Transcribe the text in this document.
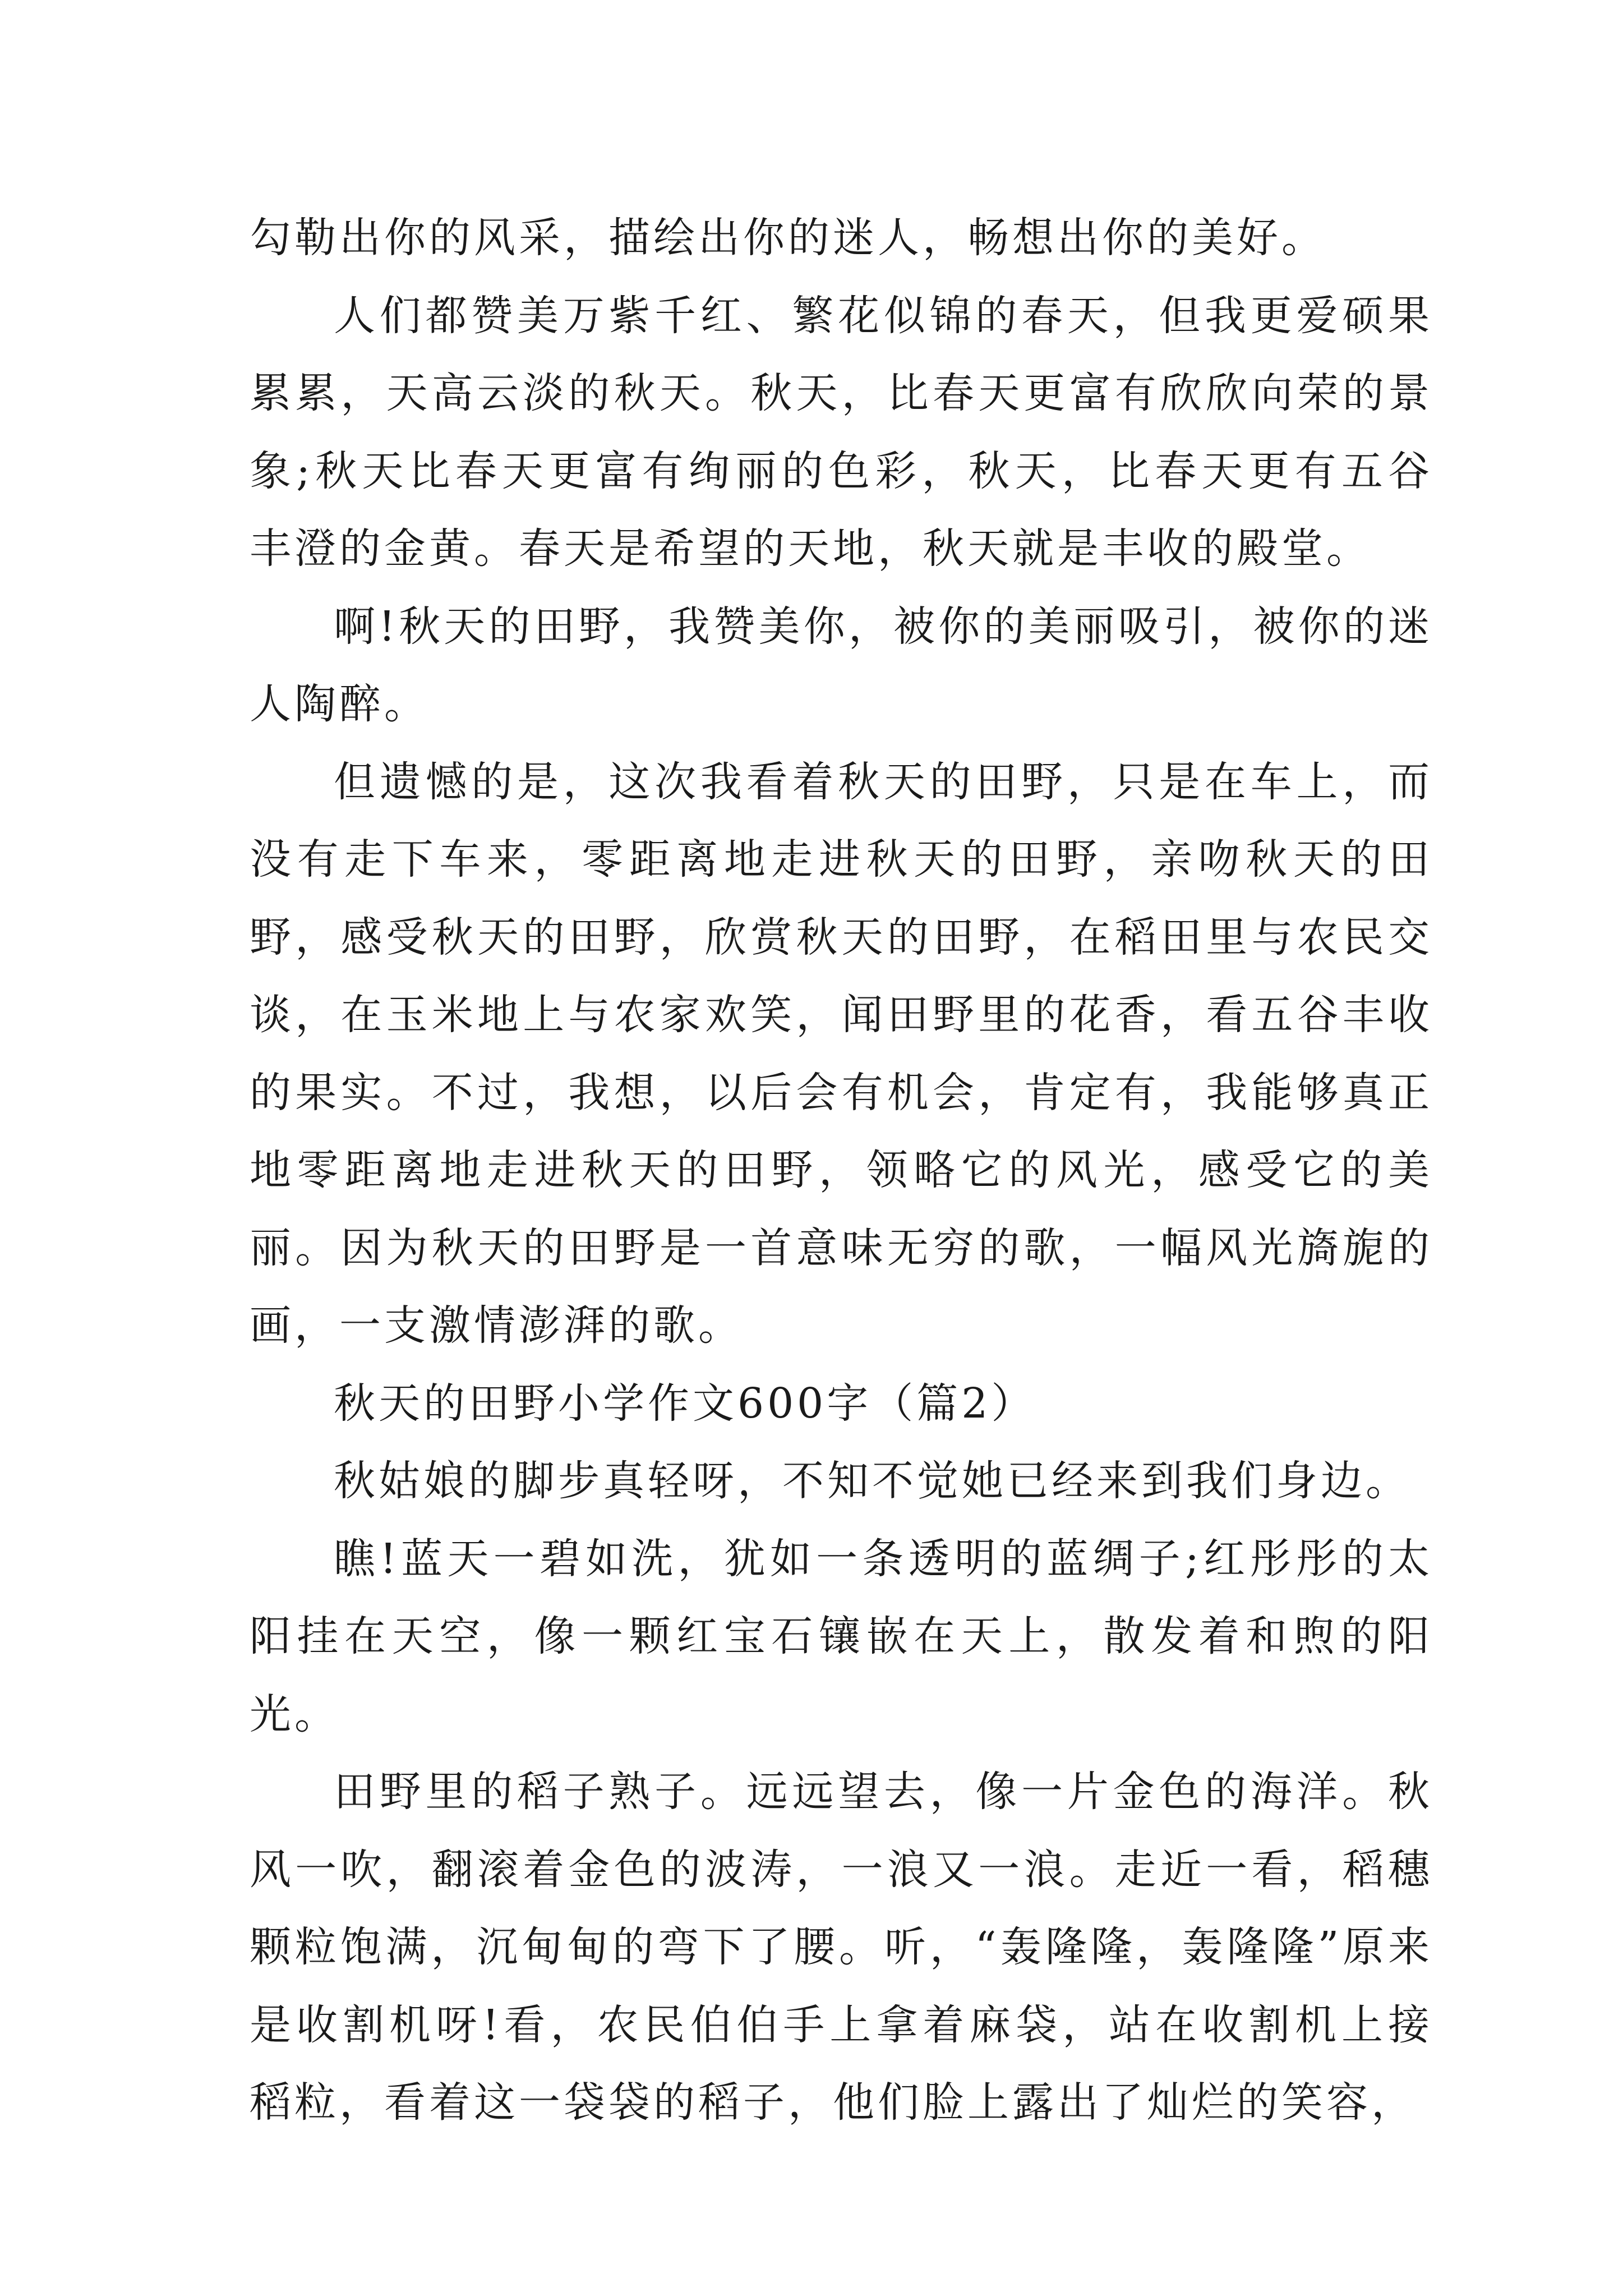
勾勒出你的风采，描绘出你的迷人，畅想出你的美好。

人们都赞美万紫千红、繁花似锦的春天，但我更爱硕果累累，天高云淡的秋天。秋天，比春天更富有欣欣向荣的景象;秋天比春天更富有绚丽的色彩，秋天，比春天更有五谷丰澄的金黄。春天是希望的天地，秋天就是丰收的殿堂。

啊!秋天的田野，我赞美你，被你的美丽吸引，被你的迷人陶醉。

但遗憾的是，这次我看着秋天的田野，只是在车上，而没有走下车来，零距离地走进秋天的田野，亲吻秋天的田野，感受秋天的田野，欣赏秋天的田野，在稻田里与农民交谈，在玉米地上与农家欢笑，闻田野里的花香，看五谷丰收的果实。不过，我想，以后会有机会，肯定有，我能够真正地零距离地走进秋天的田野，领略它的风光，感受它的美丽。因为秋天的田野是一首意味无穷的歌，一幅风光旖旎的画，一支激情澎湃的歌。

秋天的田野小学作文600字（篇2）

秋姑娘的脚步真轻呀，不知不觉她已经来到我们身边。

瞧!蓝天一碧如洗，犹如一条透明的蓝绸子;红彤彤的太阳挂在天空，像一颗红宝石镶嵌在天上，散发着和煦的阳光。

田野里的稻子熟子。远远望去，像一片金色的海洋。秋风一吹，翻滚着金色的波涛，一浪又一浪。走近一看，稻穗颗粒饱满，沉甸甸的弯下了腰。听，“轰隆隆，轰隆隆”原来是收割机呀!看，农民伯伯手上拿着麻袋，站在收割机上接稻粒，看着这一袋袋的稻子，他们脸上露出了灿烂的笑容，
